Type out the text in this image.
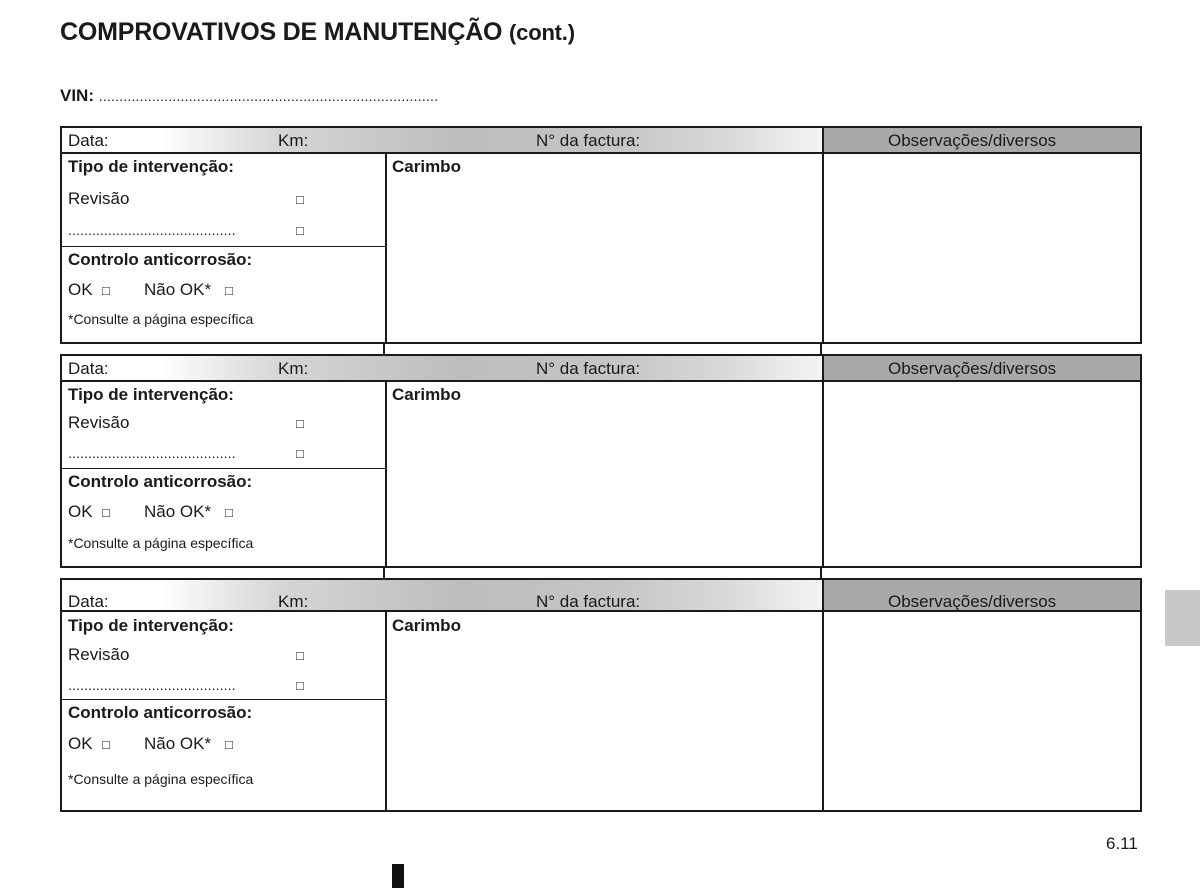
COMPROVATIVOS DE MANUTENÇÃO (cont.)
VIN: ...................................................................................
Data:	Km:	N° da factura:	Observações/diversos
Tipo de intervenção:
Revisão	□
..........................................	□
Controlo anticorrosão:
OK □ Não OK* □
*Consulte a página específica
Carimbo
Data:	Km:	N° da factura:	Observações/diversos
Tipo de intervenção:
Revisão	□
..........................................	□
Controlo anticorrosão:
OK □ Não OK* □
*Consulte a página específica
Carimbo
Data:	Km:	N° da factura:	Observações/diversos
Tipo de intervenção:
Revisão	□
..........................................	□
Controlo anticorrosão:
OK □ Não OK* □
*Consulte a página específica
Carimbo
6.11
